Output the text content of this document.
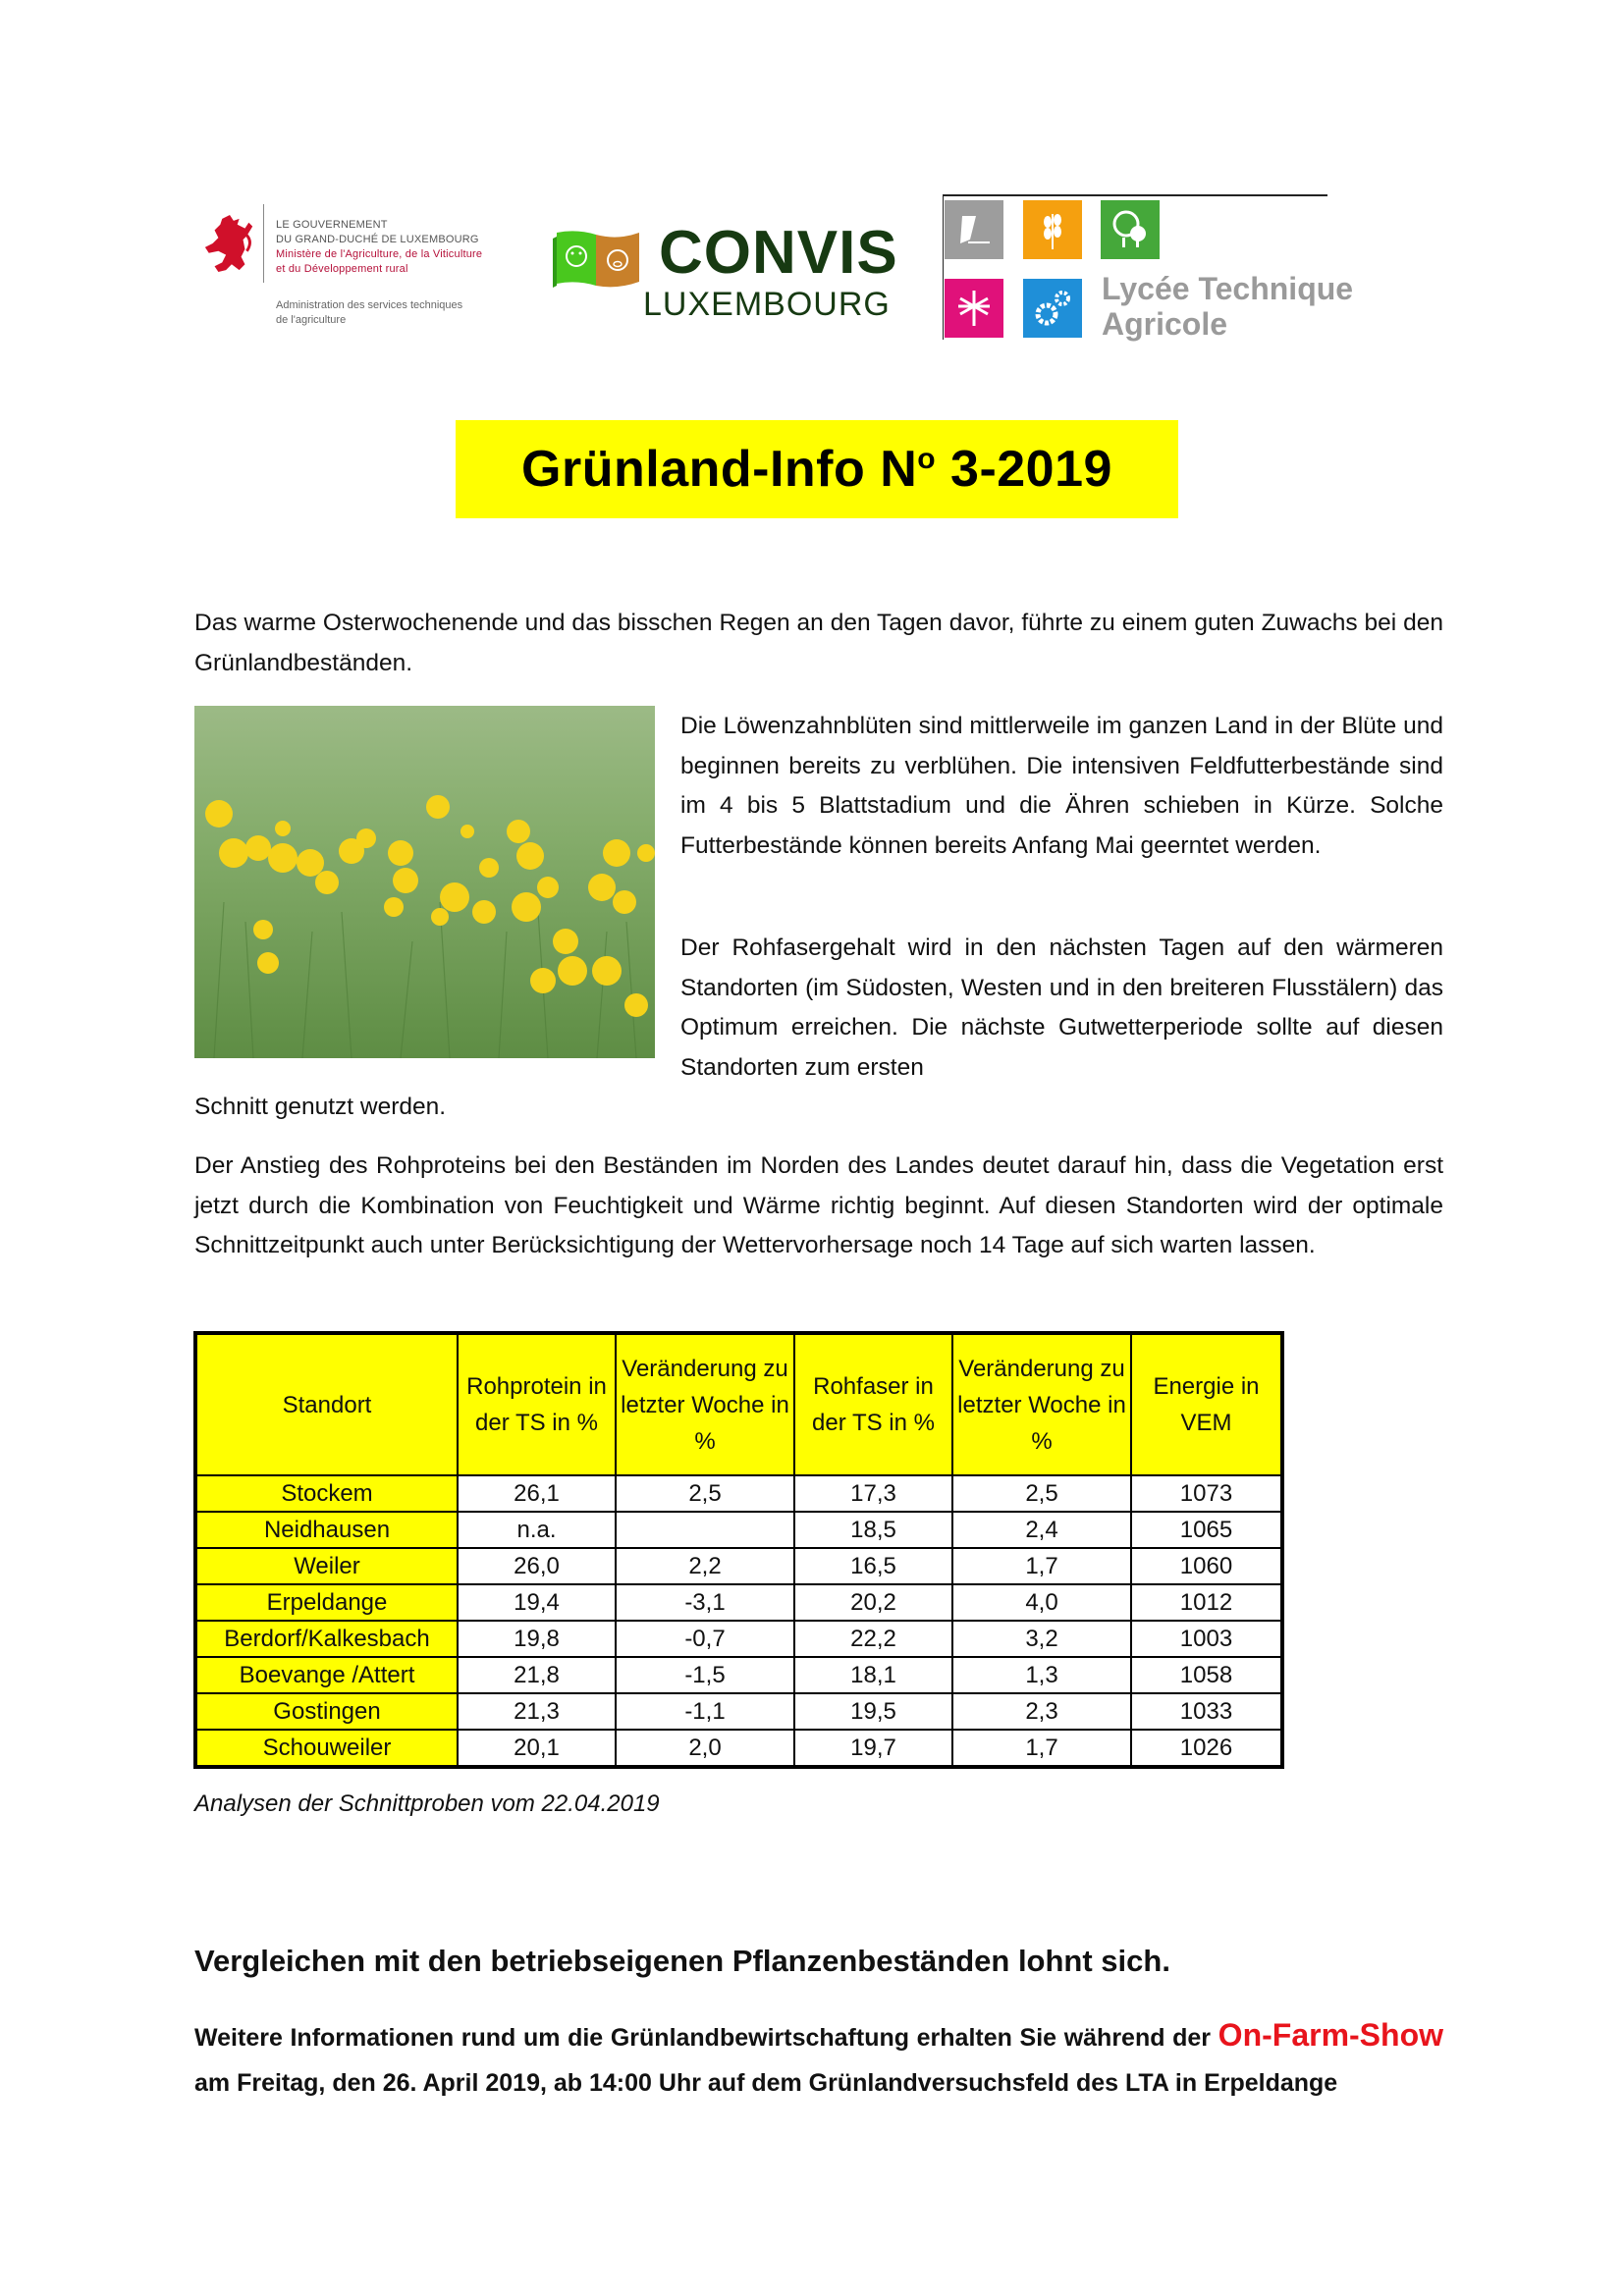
LE GOUVERNEMENT
DU GRAND-DUCHÉ DE LUXEMBOURG
Ministère de l'Agriculture, de la Viticulture
et du Développement rural
Administration des services techniques
de l'agriculture
CONVIS
LUXEMBOURG	Lycée Technique
Agricole
Grünland-Info $N^o$ 3-2019
Das warme Osterwochenende und das bisschen Regen an den Tagen davor, führte zu einem guten Zuwachs bei den Grünlandbeständen.
Die Löwenzahnblüten sind mittlerweile im ganzen Land in der Blüte und beginnen bereits zu verblühen. Die intensiven Feldfutterbestände sind im 4 bis 5 Blattstadium und die Ähren schieben in Kürze. Solche Futterbestände können bereits Anfang Mai geerntet werden.
Der Rohfasergehalt wird in den nächsten Tagen auf den wärmeren Standorten (im Südosten, Westen und in den breiteren Flusstälern) das Optimum erreichen. Die nächste Gutwetterperiode sollte auf diesen Standorten zum ersten
Schnitt genutzt werden.
Der Anstieg des Rohproteins bei den Beständen im Norden des Landes deutet darauf hin, dass die Vegetation erst jetzt durch die Kombination von Feuchtigkeit und Wärme richtig beginnt. Auf diesen Standorten wird der optimale Schnittzeitpunkt auch unter Berücksichtigung der Wettervorhersage noch 14 Tage auf sich warten lassen.
Standort	Rohprotein in der TS in %	Veränderung zu letzter Woche in %	Rohfaser in der TS in %	Veränderung zu letzter Woche in %	Energie in VEM
Stockem	26,1	2,5	17,3	2,5	1073
Neidhausen	n.a.		18,5	2,4	1065
Weiler	26,0	2,2	16,5	1,7	1060
Erpeldange	19,4	-3,1	20,2	4,0	1012
Berdorf/Kalkesbach	19,8	-0,7	22,2	3,2	1003
Boevange /Attert	21,8	-1,5	18,1	1,3	1058
Gostingen	21,3	-1,1	19,5	2,3	1033
Schouweiler	20,1	2,0	19,7	1,7	1026
Analysen der Schnittproben vom 22.04.2019
Vergleichen mit den betriebseigenen Pflanzenbeständen lohnt sich.
Weitere Informationen rund um die Grünlandbewirtschaftung erhalten Sie während der On-Farm-Show am Freitag, den 26. April 2019, ab 14:00 Uhr auf dem Grünlandversuchsfeld des LTA in Erpeldange
